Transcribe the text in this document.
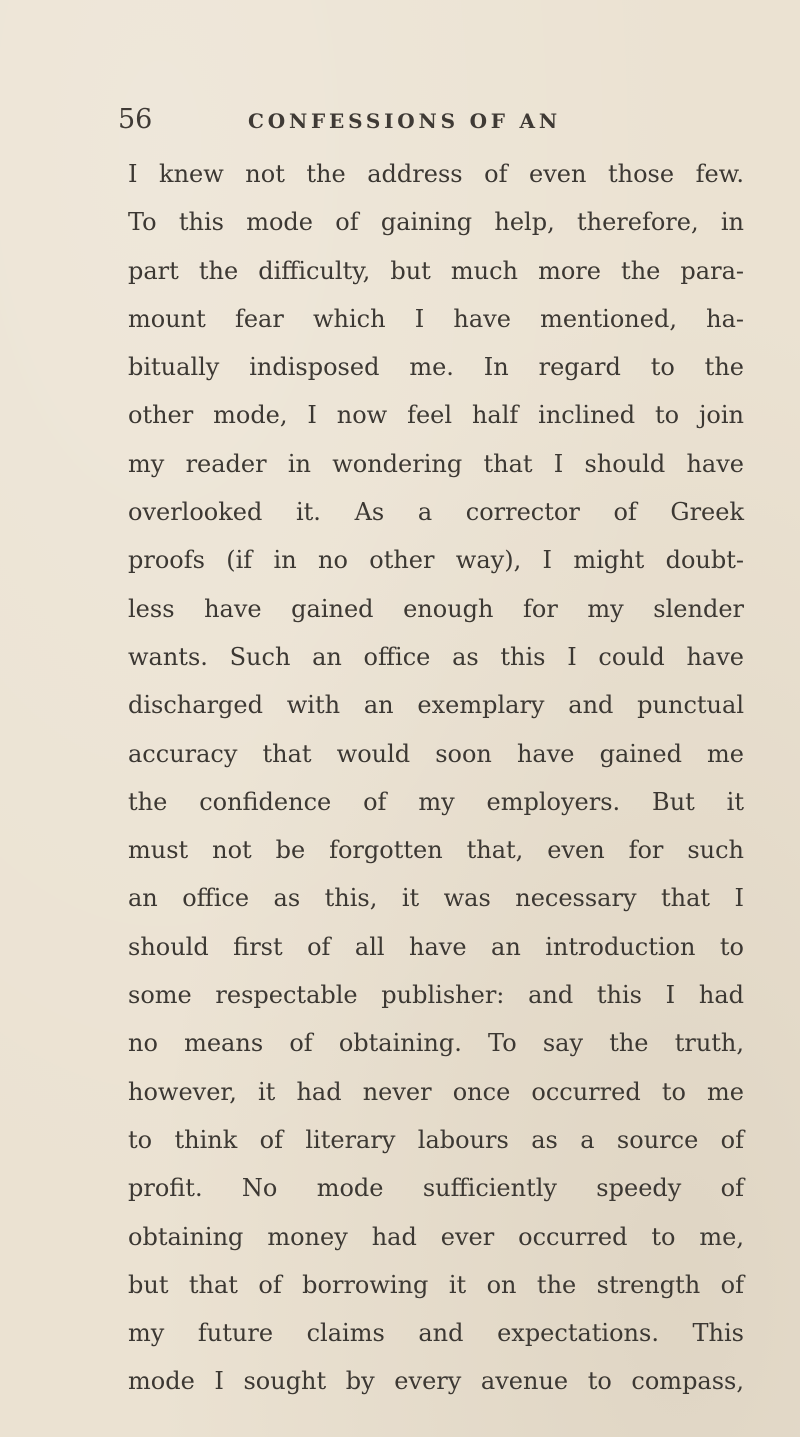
56	CONFESSIONS OF AN
I knew not the address of even those few.
To this mode of gaining help, therefore, in
part the difficulty, but much more the para-
mount fear which I have mentioned, ha-
bitually indisposed me. In regard to the
other mode, I now feel half inclined to join
my reader in wondering that I should have
overlooked it. As a corrector of Greek
proofs (if in no other way), I might doubt-
less have gained enough for my slender
wants. Such an office as this I could have
discharged with an exemplary and punctual
accuracy that would soon have gained me
the confidence of my employers. But it
must not be forgotten that, even for such
an office as this, it was necessary that I
should first of all have an introduction to
some respectable publisher: and this I had
no means of obtaining. To say the truth,
however, it had never once occurred to me
to think of literary labours as a source of
profit. No mode sufficiently speedy of
obtaining money had ever occurred to me,
but that of borrowing it on the strength of
my future claims and expectations. This
mode I sought by every avenue to compass,
